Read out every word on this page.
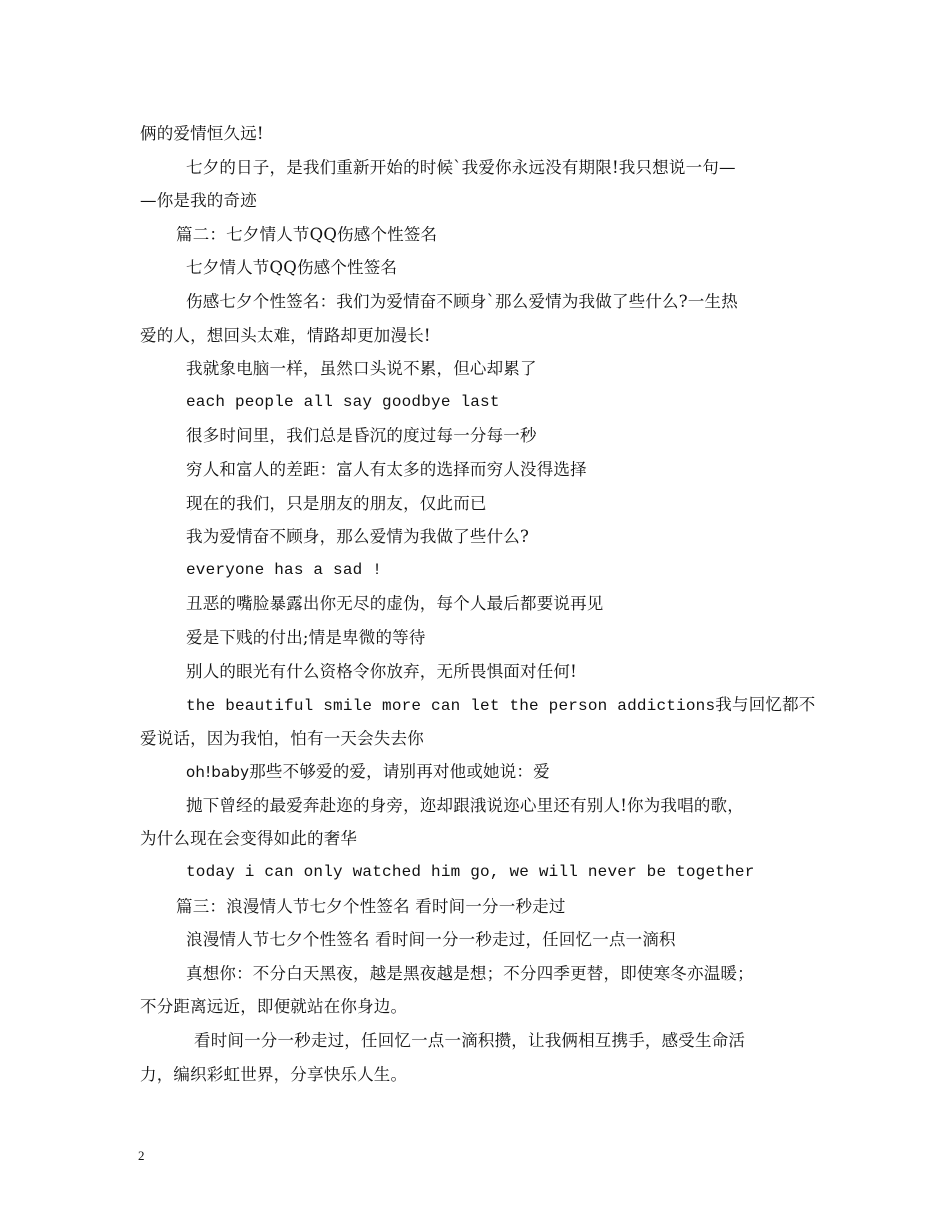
俩的爱情恒久远!
七夕的日子，是我们重新开始的时候`我爱你永远没有期限!我只想说一句—
—你是我的奇迹
篇二：七夕情人节QQ伤感个性签名
七夕情人节QQ伤感个性签名
伤感七夕个性签名：我们为爱情奋不顾身`那么爱情为我做了些什么?一生热
爱的人，想回头太难，情路却更加漫长!
我就象电脑一样，虽然口头说不累，但心却累了
each people all say goodbye last
很多时间里，我们总是昏沉的度过每一分每一秒
穷人和富人的差距：富人有太多的选择而穷人没得选择
现在的我们，只是朋友的朋友，仅此而已
我为爱情奋不顾身，那么爱情为我做了些什么?
everyone has a sad !
丑恶的嘴脸暴露出你无尽的虚伪，每个人最后都要说再见
爱是下贱的付出;情是卑微的等待
别人的眼光有什么资格令你放弃，无所畏惧面对任何!
the beautiful smile more can let the person addictions我与回忆都不
爱说话，因为我怕，怕有一天会失去你
oh!baby那些不够爱的爱，请别再对他或她说：爱
抛下曾经的最爱奔赴迩的身旁，迩却跟涐说迩心里还有别人!你为我唱的歌，
为什么现在会变得如此的奢华
today i can only watched him go, we will never be together
篇三：浪漫情人节七夕个性签名 看时间一分一秒走过
浪漫情人节七夕个性签名 看时间一分一秒走过，任回忆一点一滴积
真想你：不分白天黑夜，越是黑夜越是想；不分四季更替，即使寒冬亦温暖；
不分距离远近，即便就站在你身边。
看时间一分一秒走过，任回忆一点一滴积攒，让我俩相互携手，感受生命活
力，编织彩虹世界，分享快乐人生。
2
